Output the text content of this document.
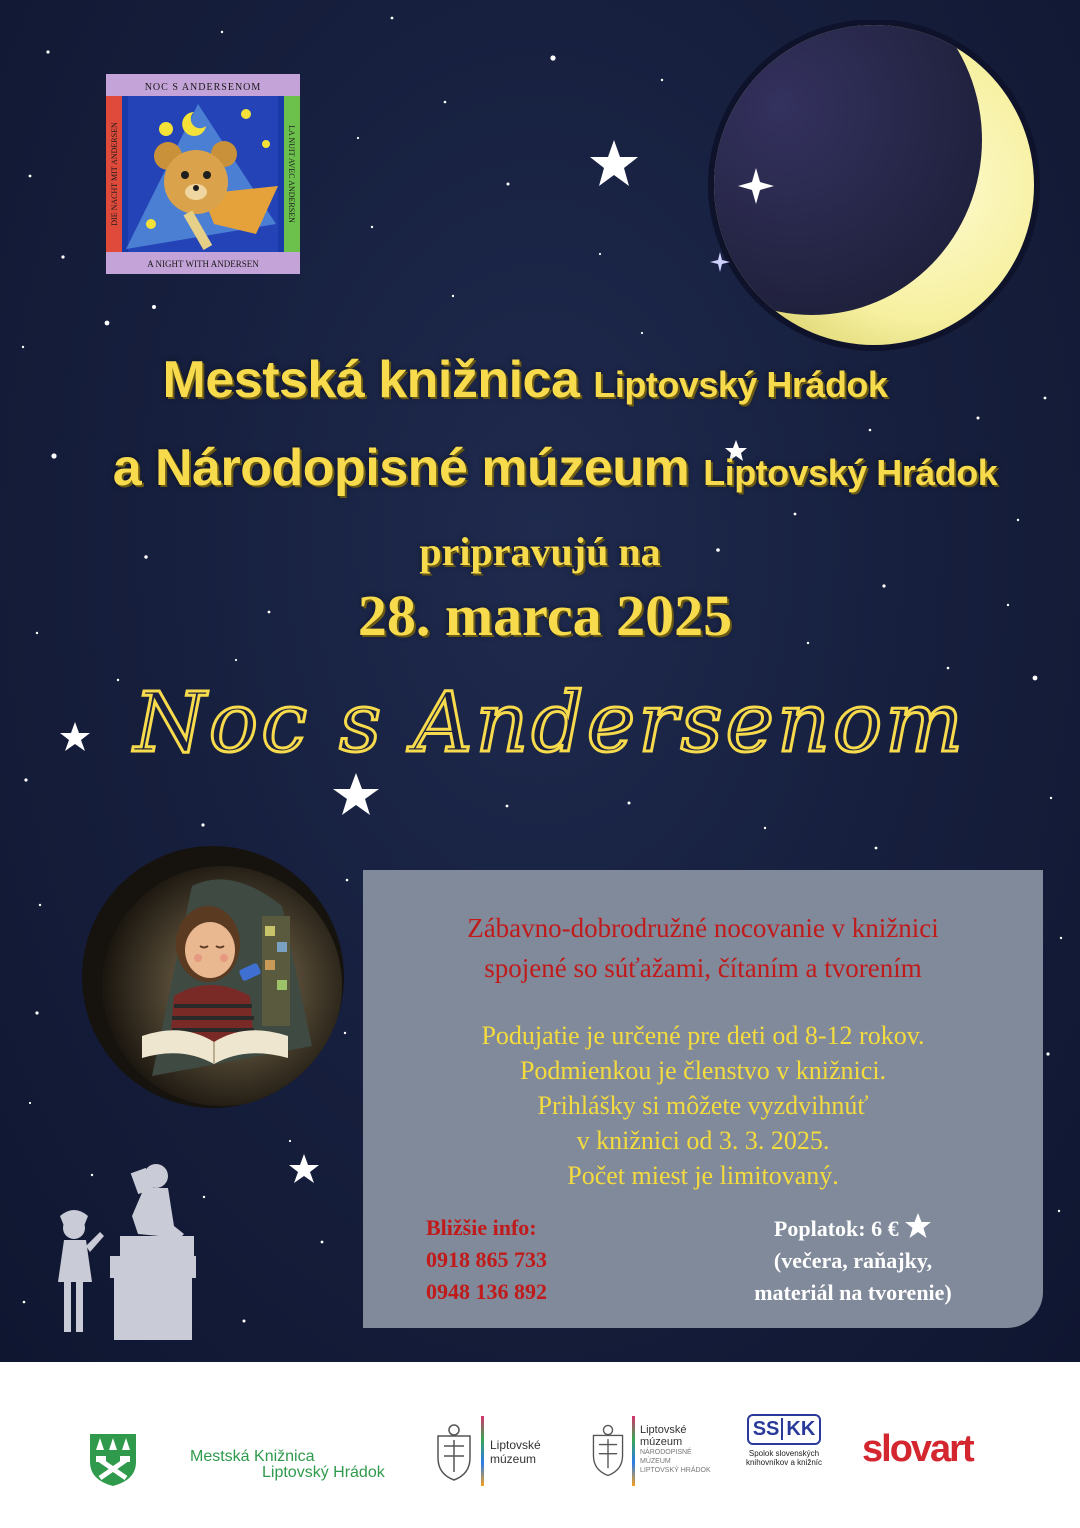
NOC S ANDERSENOM
A NIGHT WITH ANDERSEN
DIE NACHT MIT ANDERSEN	LA NUIT AVEC ANDERSEN
Mestská knižnica Liptovský Hrádok
a Národopisné múzeum Liptovský Hrádok
pripravujú na
28. marca 2025
Noc s Andersenom
Zábavno-dobrodružné nocovanie v knižnici
spojené so súťažami, čítaním a tvorením
Podujatie je určené pre deti od 8-12 rokov.
Podmienkou je členstvo v knižnici.
Prihlášky si môžete vyzdvihnúť
v knižnici od 3. 3. 2025.
Počet miest je limitovaný.
Bližšie info:
0918 865 733
0948 136 892
Poplatok: 6 €
(večera, raňajky,
materiál na tvorenie)
Mestská Knižnica
Liptovský Hrádok
Liptovské
múzeum
Liptovské
múzeum
NÁRODOPISNÉ
MÚZEUM
LIPTOVSKÝ HRÁDOK
SS KK
Spolok slovenských
knihovníkov a knižníc slovart
